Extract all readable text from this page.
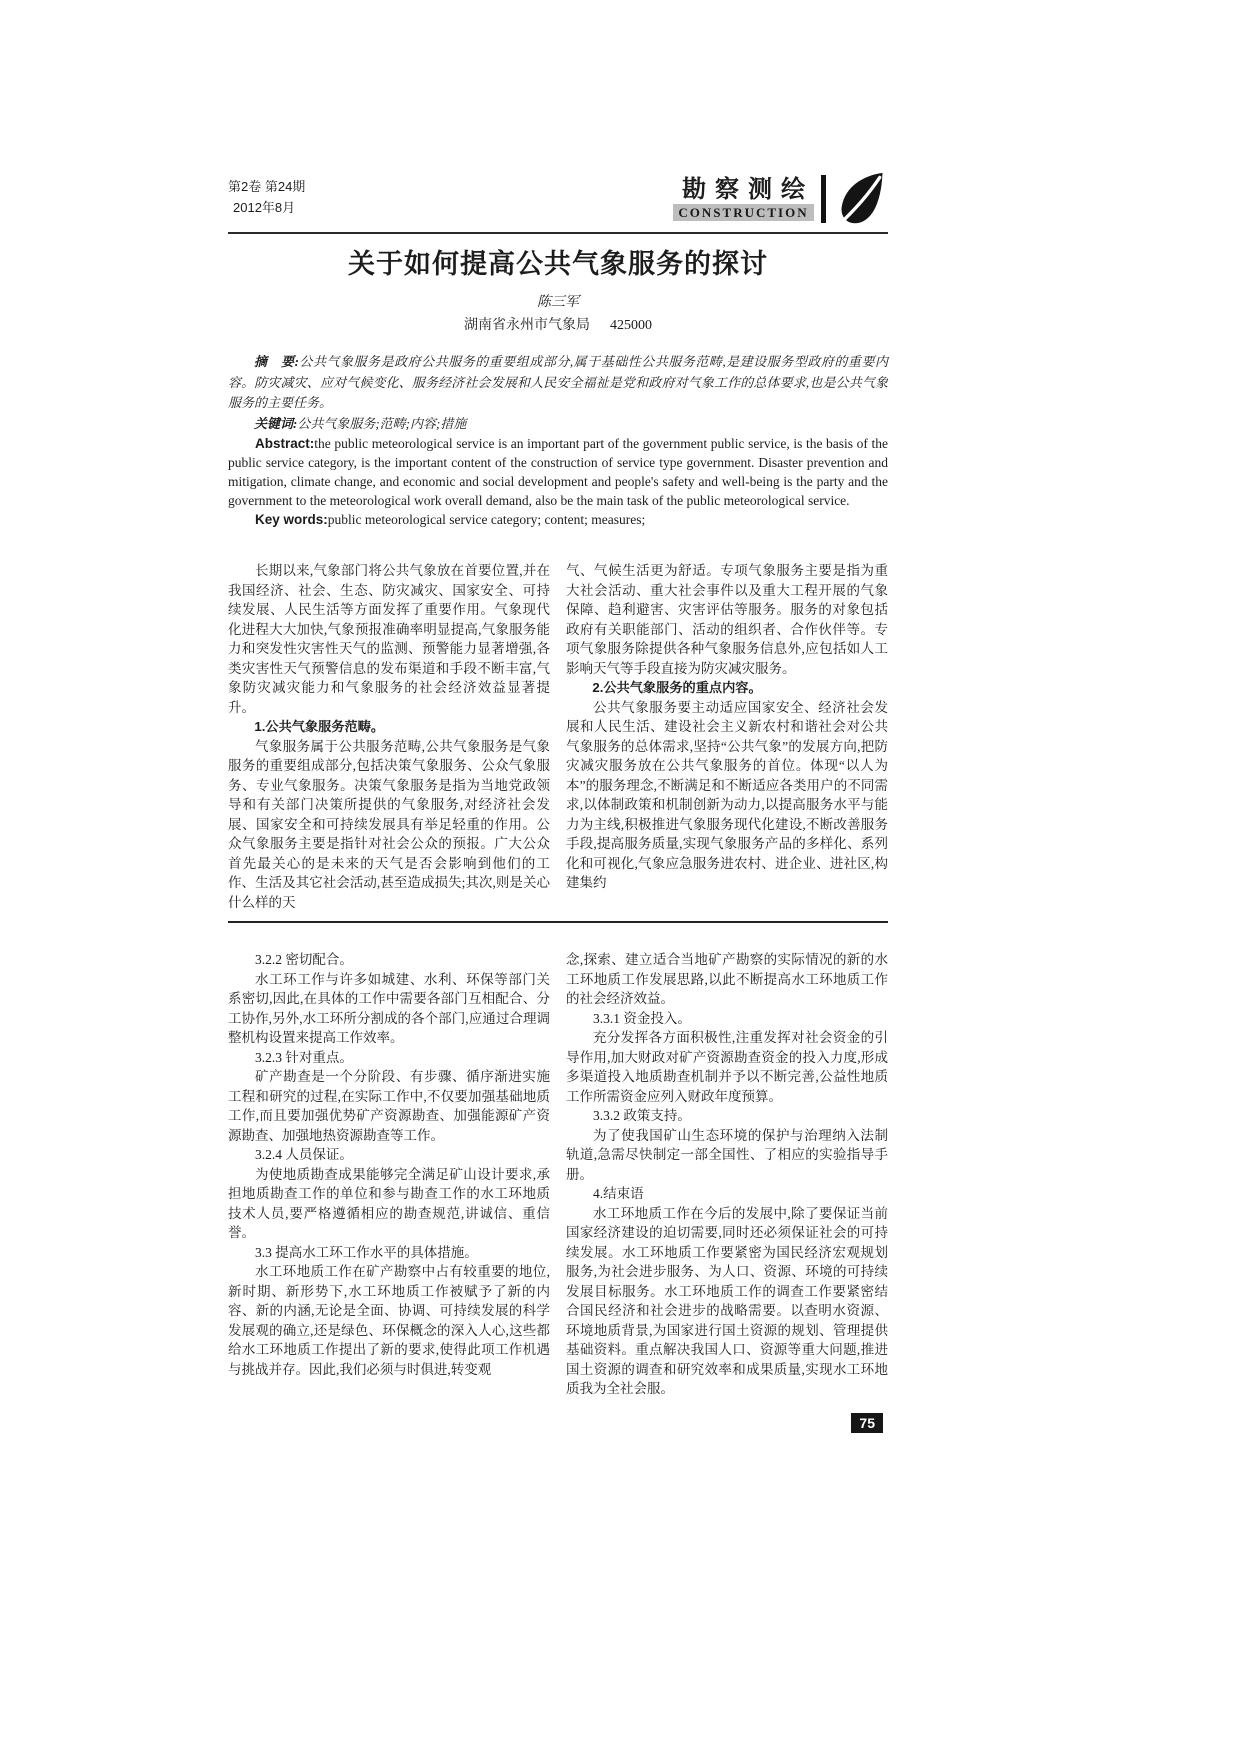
第2卷 第24期
2012年8月
勘察测绘
CONSTRUCTION
关于如何提高公共气象服务的探讨
陈三军
湖南省永州市气象局 425000

摘　要:公共气象服务是政府公共服务的重要组成部分,属于基础性公共服务范畴,是建设服务型政府的重要内容。防灾减灾、应对气候变化、服务经济社会发展和人民安全福祉是党和政府对气象工作的总体要求,也是公共气象服务的主要任务。

关键词:公共气象服务;范畴;内容;措施

Abstract:the public meteorological service is an important part of the government public service, is the basis of the public service category, is the important content of the construction of service type government. Disaster prevention and mitigation, climate change, and economic and social development and people's safety and well-being is the party and the government to the meteorological work overall demand, also be the main task of the public meteorological service.

Key words:public meteorological service category; content; measures;

长期以来,气象部门将公共气象放在首要位置,并在我国经济、社会、生态、防灾减灾、国家安全、可持续发展、人民生活等方面发挥了重要作用。气象现代化进程大大加快,气象预报准确率明显提高,气象服务能力和突发性灾害性天气的监测、预警能力显著增强,各类灾害性天气预警信息的发布渠道和手段不断丰富,气象防灾减灾能力和气象服务的社会经济效益显著提升。

1.公共气象服务范畴。

气象服务属于公共服务范畴,公共气象服务是气象服务的重要组成部分,包括决策气象服务、公众气象服务、专业气象服务。决策气象服务是指为当地党政领导和有关部门决策所提供的气象服务,对经济社会发展、国家安全和可持续发展具有举足轻重的作用。公众气象服务主要是指针对社会公众的预报。广大公众首先最关心的是未来的天气是否会影响到他们的工作、生活及其它社会活动,甚至造成损失;其次,则是关心什么样的天

气、气候生活更为舒适。专项气象服务主要是指为重大社会活动、重大社会事件以及重大工程开展的气象保障、趋利避害、灾害评估等服务。服务的对象包括政府有关职能部门、活动的组织者、合作伙伴等。专项气象服务除提供各种气象服务信息外,应包括如人工影响天气等手段直接为防灾减灾服务。

2.公共气象服务的重点内容。

公共气象服务要主动适应国家安全、经济社会发展和人民生活、建设社会主义新农村和谐社会对公共气象服务的总体需求,坚持“公共气象”的发展方向,把防灾减灾服务放在公共气象服务的首位。体现“以人为本”的服务理念,不断满足和不断适应各类用户的不同需求,以体制政策和机制创新为动力,以提高服务水平与能力为主线,积极推进气象服务现代化建设,不断改善服务手段,提高服务质量,实现气象服务产品的多样化、系列化和可视化,气象应急服务进农村、进企业、进社区,构建集约

3.2.2 密切配合。

水工环工作与许多如城建、水利、环保等部门关系密切,因此,在具体的工作中需要各部门互相配合、分工协作,另外,水工环所分割成的各个部门,应通过合理调整机构设置来提高工作效率。

3.2.3 针对重点。

矿产勘查是一个分阶段、有步骤、循序渐进实施工程和研究的过程,在实际工作中,不仅要加强基础地质工作,而且要加强优势矿产资源勘查、加强能源矿产资源勘查、加强地热资源勘查等工作。

3.2.4 人员保证。

为使地质勘查成果能够完全满足矿山设计要求,承担地质勘查工作的单位和参与勘查工作的水工环地质技术人员,要严格遵循相应的勘查规范,讲诚信、重信誉。

3.3 提高水工环工作水平的具体措施。

水工环地质工作在矿产勘察中占有较重要的地位,新时期、新形势下,水工环地质工作被赋予了新的内容、新的内涵,无论是全面、协调、可持续发展的科学发展观的确立,还是绿色、环保概念的深入人心,这些都给水工环地质工作提出了新的要求,使得此项工作机遇与挑战并存。因此,我们必须与时俱进,转变观

念,探索、建立适合当地矿产勘察的实际情况的新的水工环地质工作发展思路,以此不断提高水工环地质工作的社会经济效益。

3.3.1 资金投入。

充分发挥各方面积极性,注重发挥对社会资金的引导作用,加大财政对矿产资源勘查资金的投入力度,形成多渠道投入地质勘查机制并予以不断完善,公益性地质工作所需资金应列入财政年度预算。

3.3.2 政策支持。

为了使我国矿山生态环境的保护与治理纳入法制轨道,急需尽快制定一部全国性、了相应的实验指导手册。

4.结束语

水工环地质工作在今后的发展中,除了要保证当前国家经济建设的迫切需要,同时还必须保证社会的可持续发展。水工环地质工作要紧密为国民经济宏观规划服务,为社会进步服务、为人口、资源、环境的可持续发展目标服务。水工环地质工作的调查工作要紧密结合国民经济和社会进步的战略需要。以查明水资源、环境地质背景,为国家进行国土资源的规划、管理提供基础资料。重点解决我国人口、资源等重大问题,推进国土资源的调查和研究效率和成果质量,实现水工环地质我为全社会服。

75
